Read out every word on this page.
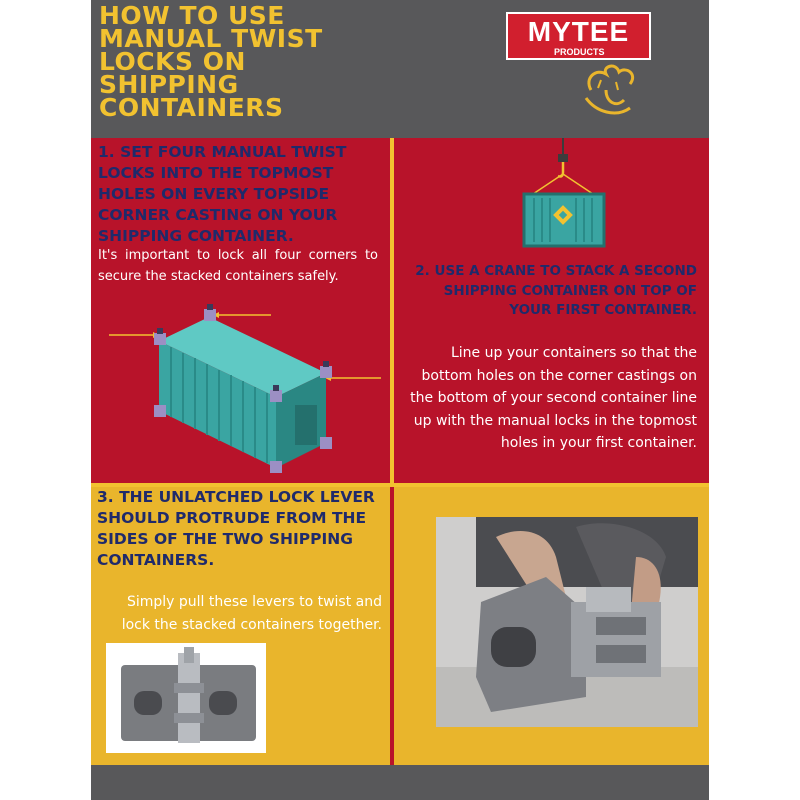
HOW TO USE MANUAL TWIST LOCKS ON SHIPPING CONTAINERS
MYTEE
PRODUCTS

1. SET FOUR MANUAL TWIST LOCKS INTO THE TOPMOST HOLES ON EVERY TOPSIDE CORNER CASTING ON YOUR SHIPPING CONTAINER.

It's important to lock all four corners to secure the stacked containers safely.	2. USE A CRANE TO STACK A SECOND SHIPPING CONTAINER ON TOP OF YOUR FIRST CONTAINER.

Line up your containers so that the bottom holes on the corner castings on the bottom of your second container line up with the manual locks in the topmost holes in your first container.

3. THE UNLATCHED LOCK LEVER SHOULD PROTRUDE FROM THE SIDES OF THE TWO SHIPPING CONTAINERS.

Simply pull these levers to twist and lock the stacked containers together.
